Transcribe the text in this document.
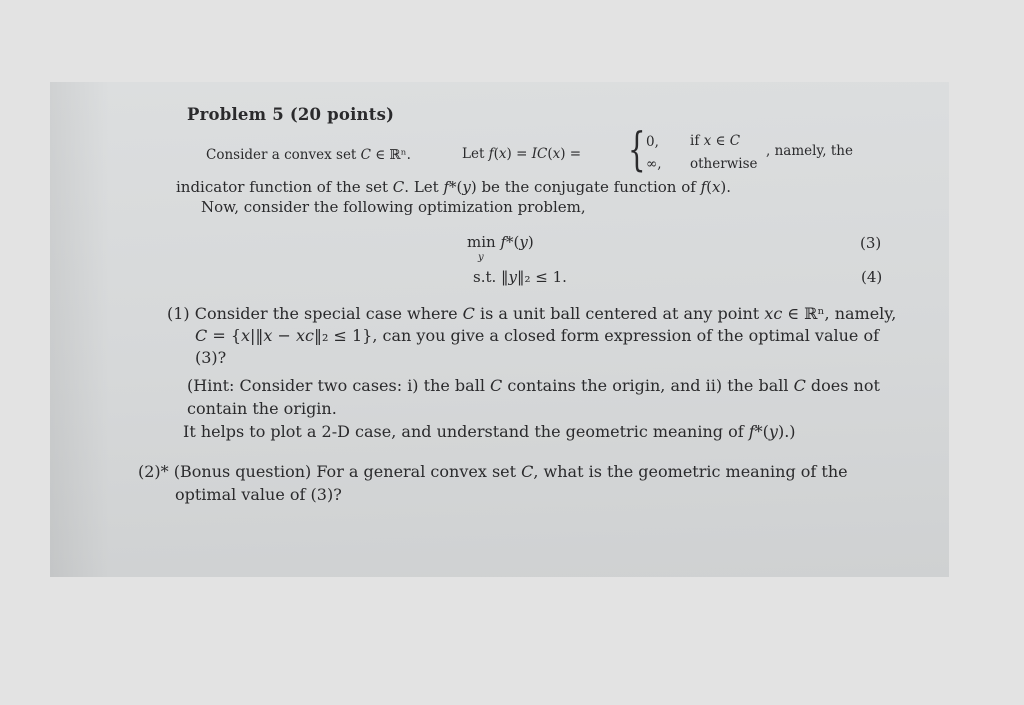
Problem 5 (20 points)
Consider a convex set 𝐶 ∈ ℝⁿ.	Let 𝑓(𝑥) = 𝐼𝐶(𝑥) = { 0, if 𝑥 ∈ 𝐶
∞, otherwise
, namely, the
indicator function of the set 𝐶. Let 𝑓*(𝑦) be the conjugate function of 𝑓(𝑥).
Now, consider the following optimization problem,
min 𝑓*(𝑦)
𝑦
s.t. ‖𝑦‖₂ ≤ 1.
(3)
(4)
(1) Consider the special case where 𝐶 is a unit ball centered at any point 𝑥𝑐 ∈ ℝⁿ, namely,
𝐶 = {𝑥|‖𝑥 − 𝑥𝑐‖₂ ≤ 1}, can you give a closed form expression of the optimal value of
(3)?
(Hint: Consider two cases: i) the ball 𝐶 contains the origin, and ii) the ball 𝐶 does not
contain the origin.
It helps to plot a 2-D case, and understand the geometric meaning of 𝑓*(𝑦).)
(2)* (Bonus question) For a general convex set 𝐶, what is the geometric meaning of the
optimal value of (3)?
